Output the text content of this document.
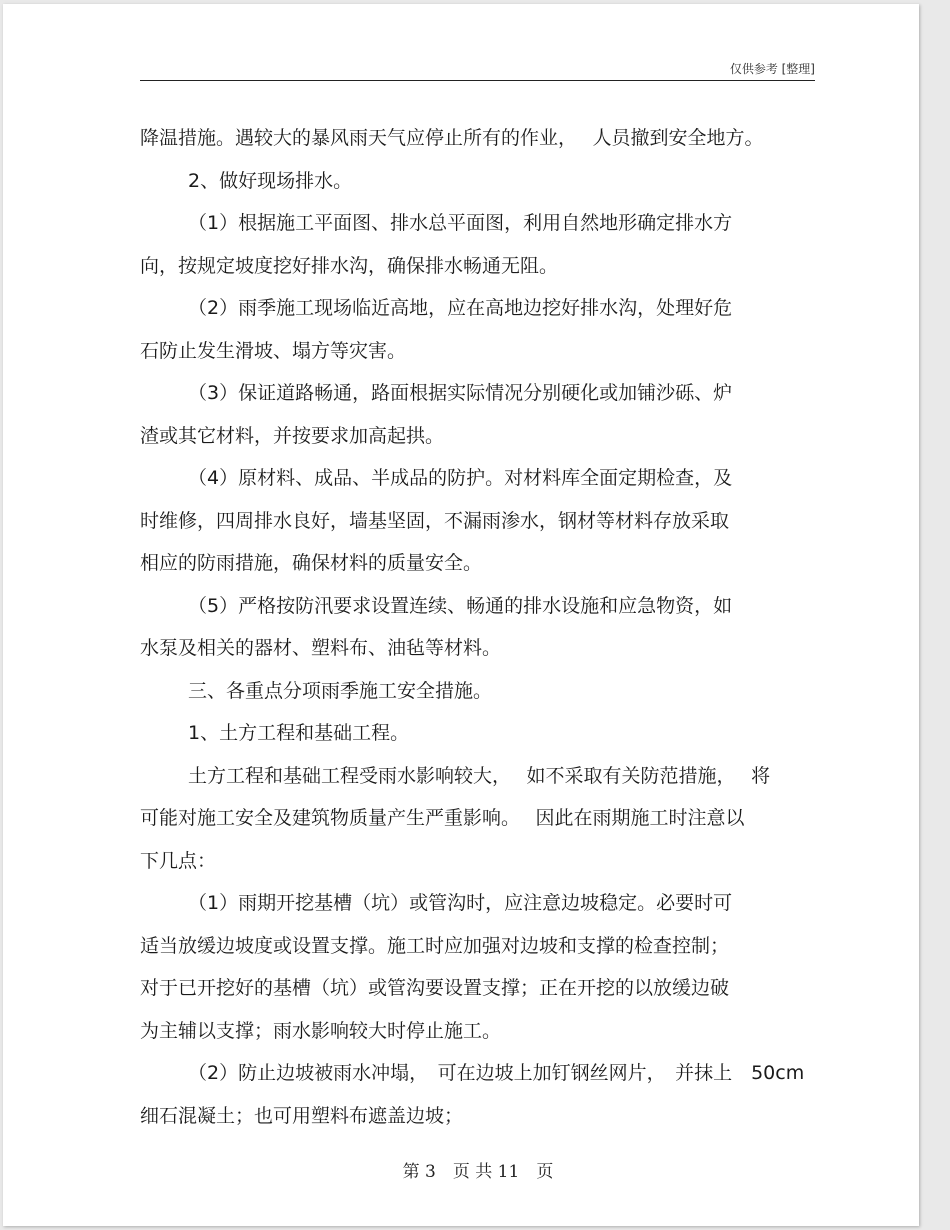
仅供参考 [整理]
降温措施。遇较大的暴风雨天气应停止所有的作业，　 人员撤到安全地方。
2、做好现场排水。
（1）根据施工平面图、排水总平面图，利用自然地形确定排水方
向，按规定坡度挖好排水沟，确保排水畅通无阻。
（2）雨季施工现场临近高地，应在高地边挖好排水沟，处理好危
石防止发生滑坡、塌方等灾害。
（3）保证道路畅通，路面根据实际情况分别硬化或加铺沙砾、炉
渣或其它材料，并按要求加高起拱。
（4）原材料、成品、半成品的防护。对材料库全面定期检查，及
时维修，四周排水良好，墙基坚固，不漏雨渗水，钢材等材料存放采取
相应的防雨措施，确保材料的质量安全。
（5）严格按防汛要求设置连续、畅通的排水设施和应急物资，如
水泵及相关的器材、塑料布、油毡等材料。
三、各重点分项雨季施工安全措施。
1、土方工程和基础工程。
土方工程和基础工程受雨水影响较大，　 如不采取有关防范措施，　 将
可能对施工安全及建筑物质量产生严重影响。　 因此在雨期施工时注意以
下几点：
（1）雨期开挖基槽（坑）或管沟时，应注意边坡稳定。必要时可
适当放缓边坡度或设置支撑。施工时应加强对边坡和支撑的检查控制；
对于已开挖好的基槽（坑）或管沟要设置支撑；正在开挖的以放缓边破
为主辅以支撑；雨水影响较大时停止施工。
（2）防止边坡被雨水冲塌，　可在边坡上加钉钢丝网片，　并抹上　50cm
细石混凝土；也可用塑料布遮盖边坡；
第 3　页 共 11　页
